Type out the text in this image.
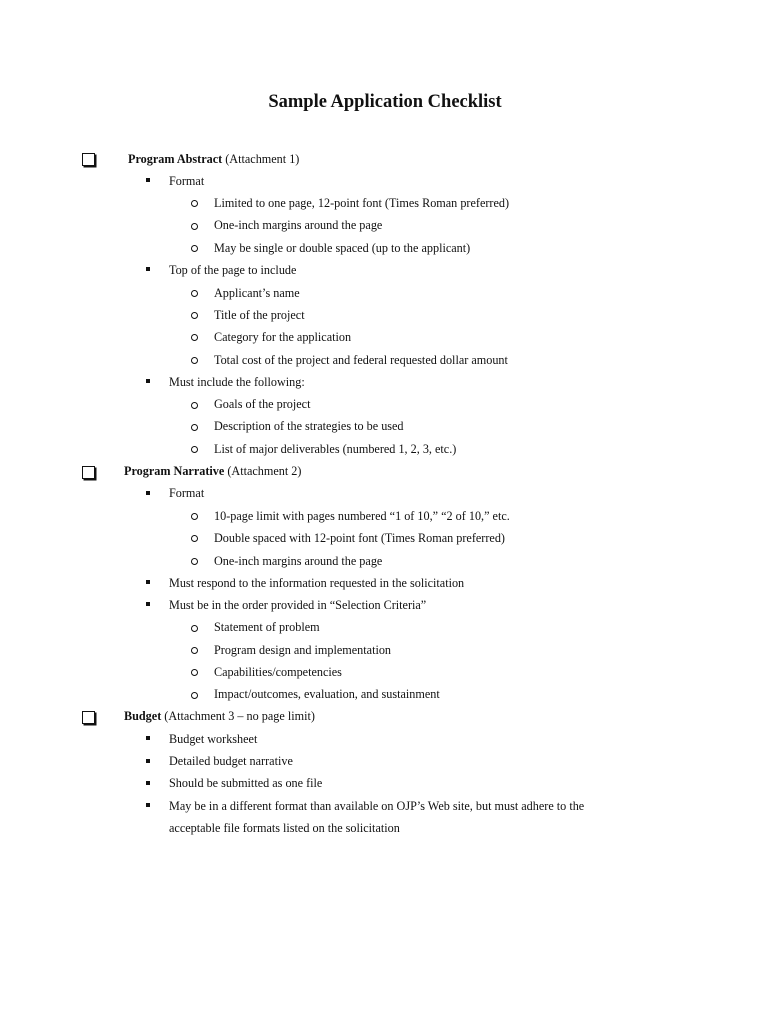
Sample Application Checklist
Program Abstract (Attachment 1)
Format
Limited to one page, 12-point font (Times Roman preferred)
One-inch margins around the page
May be single or double spaced (up to the applicant)
Top of the page to include
Applicant’s name
Title of the project
Category for the application
Total cost of the project and federal requested dollar amount
Must include the following:
Goals of the project
Description of the strategies to be used
List of major deliverables (numbered 1, 2, 3, etc.)
Program Narrative (Attachment 2)
Format
10-page limit with pages numbered “1 of 10,” “2 of 10,” etc.
Double spaced with 12-point font (Times Roman preferred)
One-inch margins around the page
Must respond to the information requested in the solicitation
Must be in the order provided in “Selection Criteria”
Statement of problem
Program design and implementation
Capabilities/competencies
Impact/outcomes, evaluation, and sustainment
Budget (Attachment 3 – no page limit)
Budget worksheet
Detailed budget narrative
Should be submitted as one file
May be in a different format than available on OJP’s Web site, but must adhere to the
acceptable file formats listed on the solicitation
